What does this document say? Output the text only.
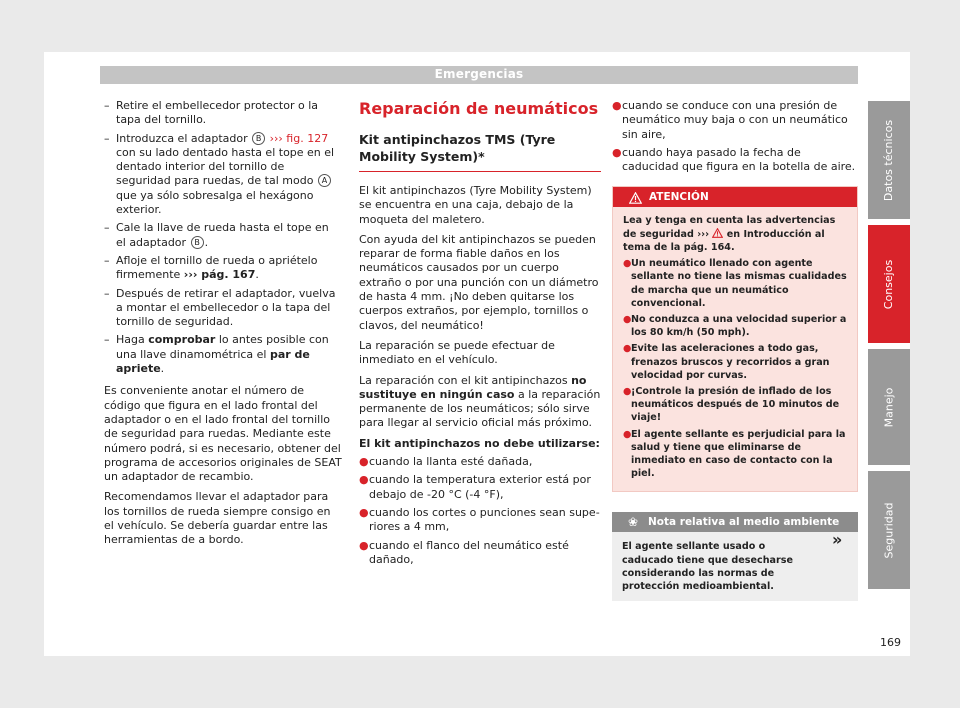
Emergencias
– Retire el embellecedor protector o la tapa del tornillo.
– Introduzca el adaptador B ››› fig. 127 con su lado dentado hasta el tope en el dentado interior del tornillo de seguridad para ruedas, de tal modo A que ya sólo sobresalga el hexágono exterior.
– Cale la llave de rueda hasta el tope en el adaptador B .
– Afloje el tornillo de rueda o apriételo firmemente ››› pág. 167.
– Después de retirar el adaptador, vuelva a montar el embellecedor o la tapa del tornillo de seguridad.
– Haga comprobar lo antes posible con una llave dinamométrica el par de apriete.

Es conveniente anotar el número de código que figura en el lado frontal del adaptador o en el lado frontal del tornillo de seguridad para ruedas. Mediante este número podrá, si es necesario, obtener del programa de accesorios originales de SEAT un adaptador de recambio.

Recomendamos llevar el adaptador para los tornillos de rueda siempre consigo en el vehículo. Se debería guardar entre las herramientas de a bordo.

Reparación de neumáticos
Kit antipinchazos TMS (Tyre Mobility System)*

El kit antipinchazos (Tyre Mobility System) se encuentra en una caja, debajo de la moqueta del maletero.

Con ayuda del kit antipinchazos se pueden reparar de forma fiable daños en los neumáticos causados por un cuerpo extraño o por una punción con un diámetro de hasta 4 mm. ¡No deben quitarse los cuerpos extraños, por ejemplo, tornillos o clavos, del neumático!

La reparación se puede efectuar de inmediato en el vehículo.

La reparación con el kit antipinchazos no sustituye en ningún caso a la reparación permanente de los neumáticos; sólo sirve para llegar al servicio oficial más próximo.

El kit antipinchazos no debe utilizarse:

● cuando la llanta esté dañada,
● cuando la temperatura exterior está por debajo de -20 °C (-4 °F),
● cuando los cortes o punciones sean superiores a 4 mm,
● cuando el flanco del neumático esté dañado,
● cuando se conduce con una presión de neumático muy baja o con un neumático sin aire,
● cuando haya pasado la fecha de caducidad que figura en la botella de aire.
ATENCIÓN
Lea y tenga en cuenta las advertencias de seguridad ›››  en Introducción al tema de la pág. 164.
● Un neumático llenado con agente sellante no tiene las mismas cualidades de marcha que un neumático convencional.
● No conduzca a una velocidad superior a los 80 km/h (50 mph).
● Evite las aceleraciones a todo gas, frenazos bruscos y recorridos a gran velocidad por curvas.
● ¡Controle la presión de inflado de los neumáticos después de 10 minutos de viaje!
● El agente sellante es perjudicial para la salud y tiene que eliminarse de inmediato en caso de contacto con la piel.
❀ Nota relativa al medio ambiente
El agente sellante usado o caducado tiene que desecharse considerando las normas de protección medioambiental.
»
Datos técnicos
Consejos
Manejo
Seguridad
169
